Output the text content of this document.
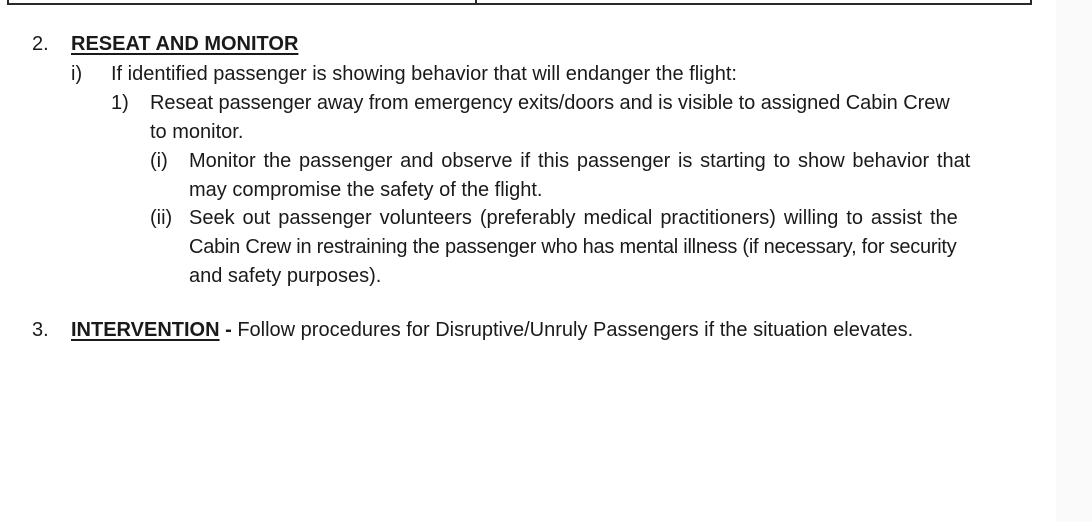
2. RESEAT AND MONITOR
i) If identified passenger is showing behavior that will endanger the flight:
1) Reseat passenger away from emergency exits/doors and is visible to assigned Cabin Crew
to monitor.
(i) Monitor the passenger and observe if this passenger is starting to show behavior that
may compromise the safety of the flight.
(ii) Seek out passenger volunteers (preferably medical practitioners) willing to assist the
Cabin Crew in restraining the passenger who has mental illness (if necessary, for security
and safety purposes).
3. INTERVENTION - Follow procedures for Disruptive/Unruly Passengers if the situation elevates.
